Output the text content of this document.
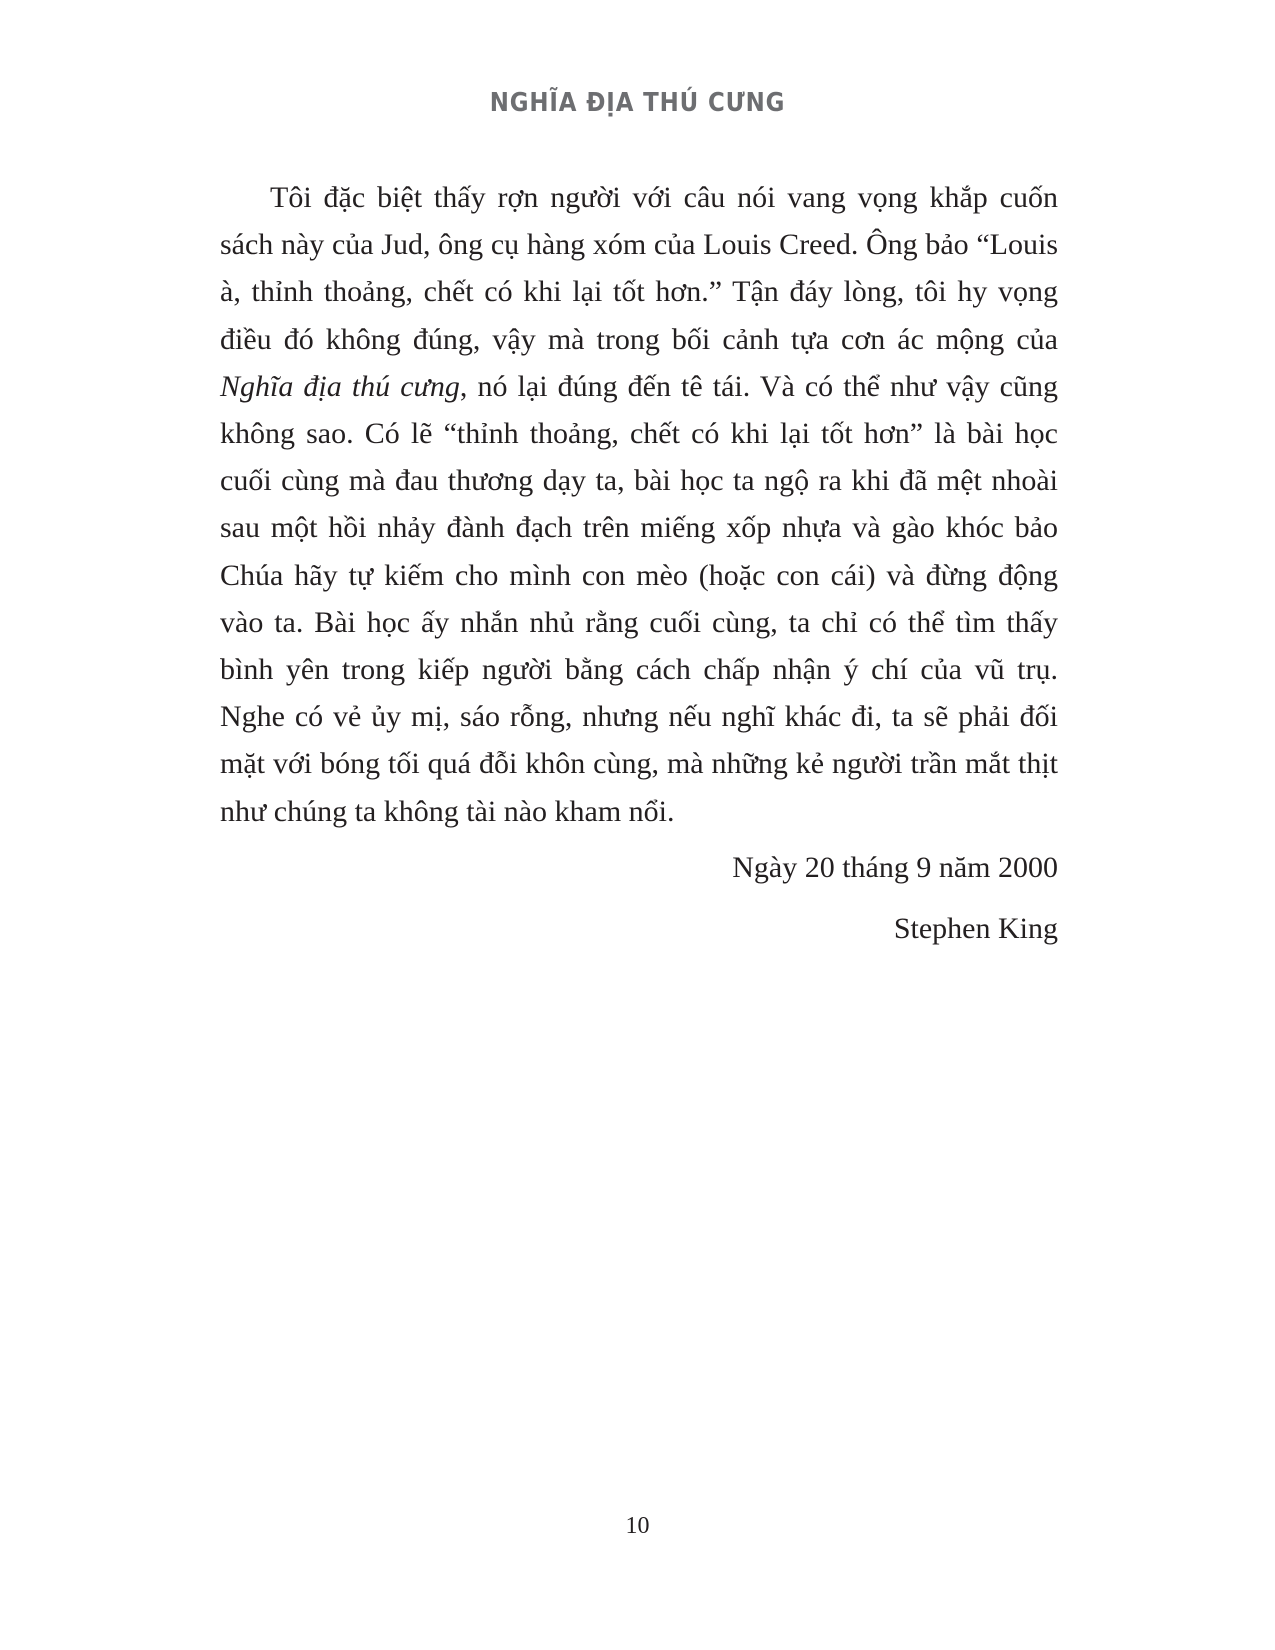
NGHĨA ĐỊA THÚ CƯNG

Tôi đặc biệt thấy rợn người với câu nói vang vọng khắp cuốn sách này của Jud, ông cụ hàng xóm của Louis Creed. Ông bảo “Louis à, thỉnh thoảng, chết có khi lại tốt hơn.” Tận đáy lòng, tôi hy vọng điều đó không đúng, vậy mà trong bối cảnh tựa cơn ác mộng của Nghĩa địa thú cưng, nó lại đúng đến tê tái. Và có thể như vậy cũng không sao. Có lẽ “thỉnh thoảng, chết có khi lại tốt hơn” là bài học cuối cùng mà đau thương dạy ta, bài học ta ngộ ra khi đã mệt nhoài sau một hồi nhảy đành đạch trên miếng xốp nhựa và gào khóc bảo Chúa hãy tự kiếm cho mình con mèo (hoặc con cái) và đừng động vào ta. Bài học ấy nhắn nhủ rằng cuối cùng, ta chỉ có thể tìm thấy bình yên trong kiếp người bằng cách chấp nhận ý chí của vũ trụ. Nghe có vẻ ủy mị, sáo rỗng, nhưng nếu nghĩ khác đi, ta sẽ phải đối mặt với bóng tối quá đỗi khôn cùng, mà những kẻ người trần mắt thịt như chúng ta không tài nào kham nổi.

Ngày 20 tháng 9 năm 2000

Stephen King

10
